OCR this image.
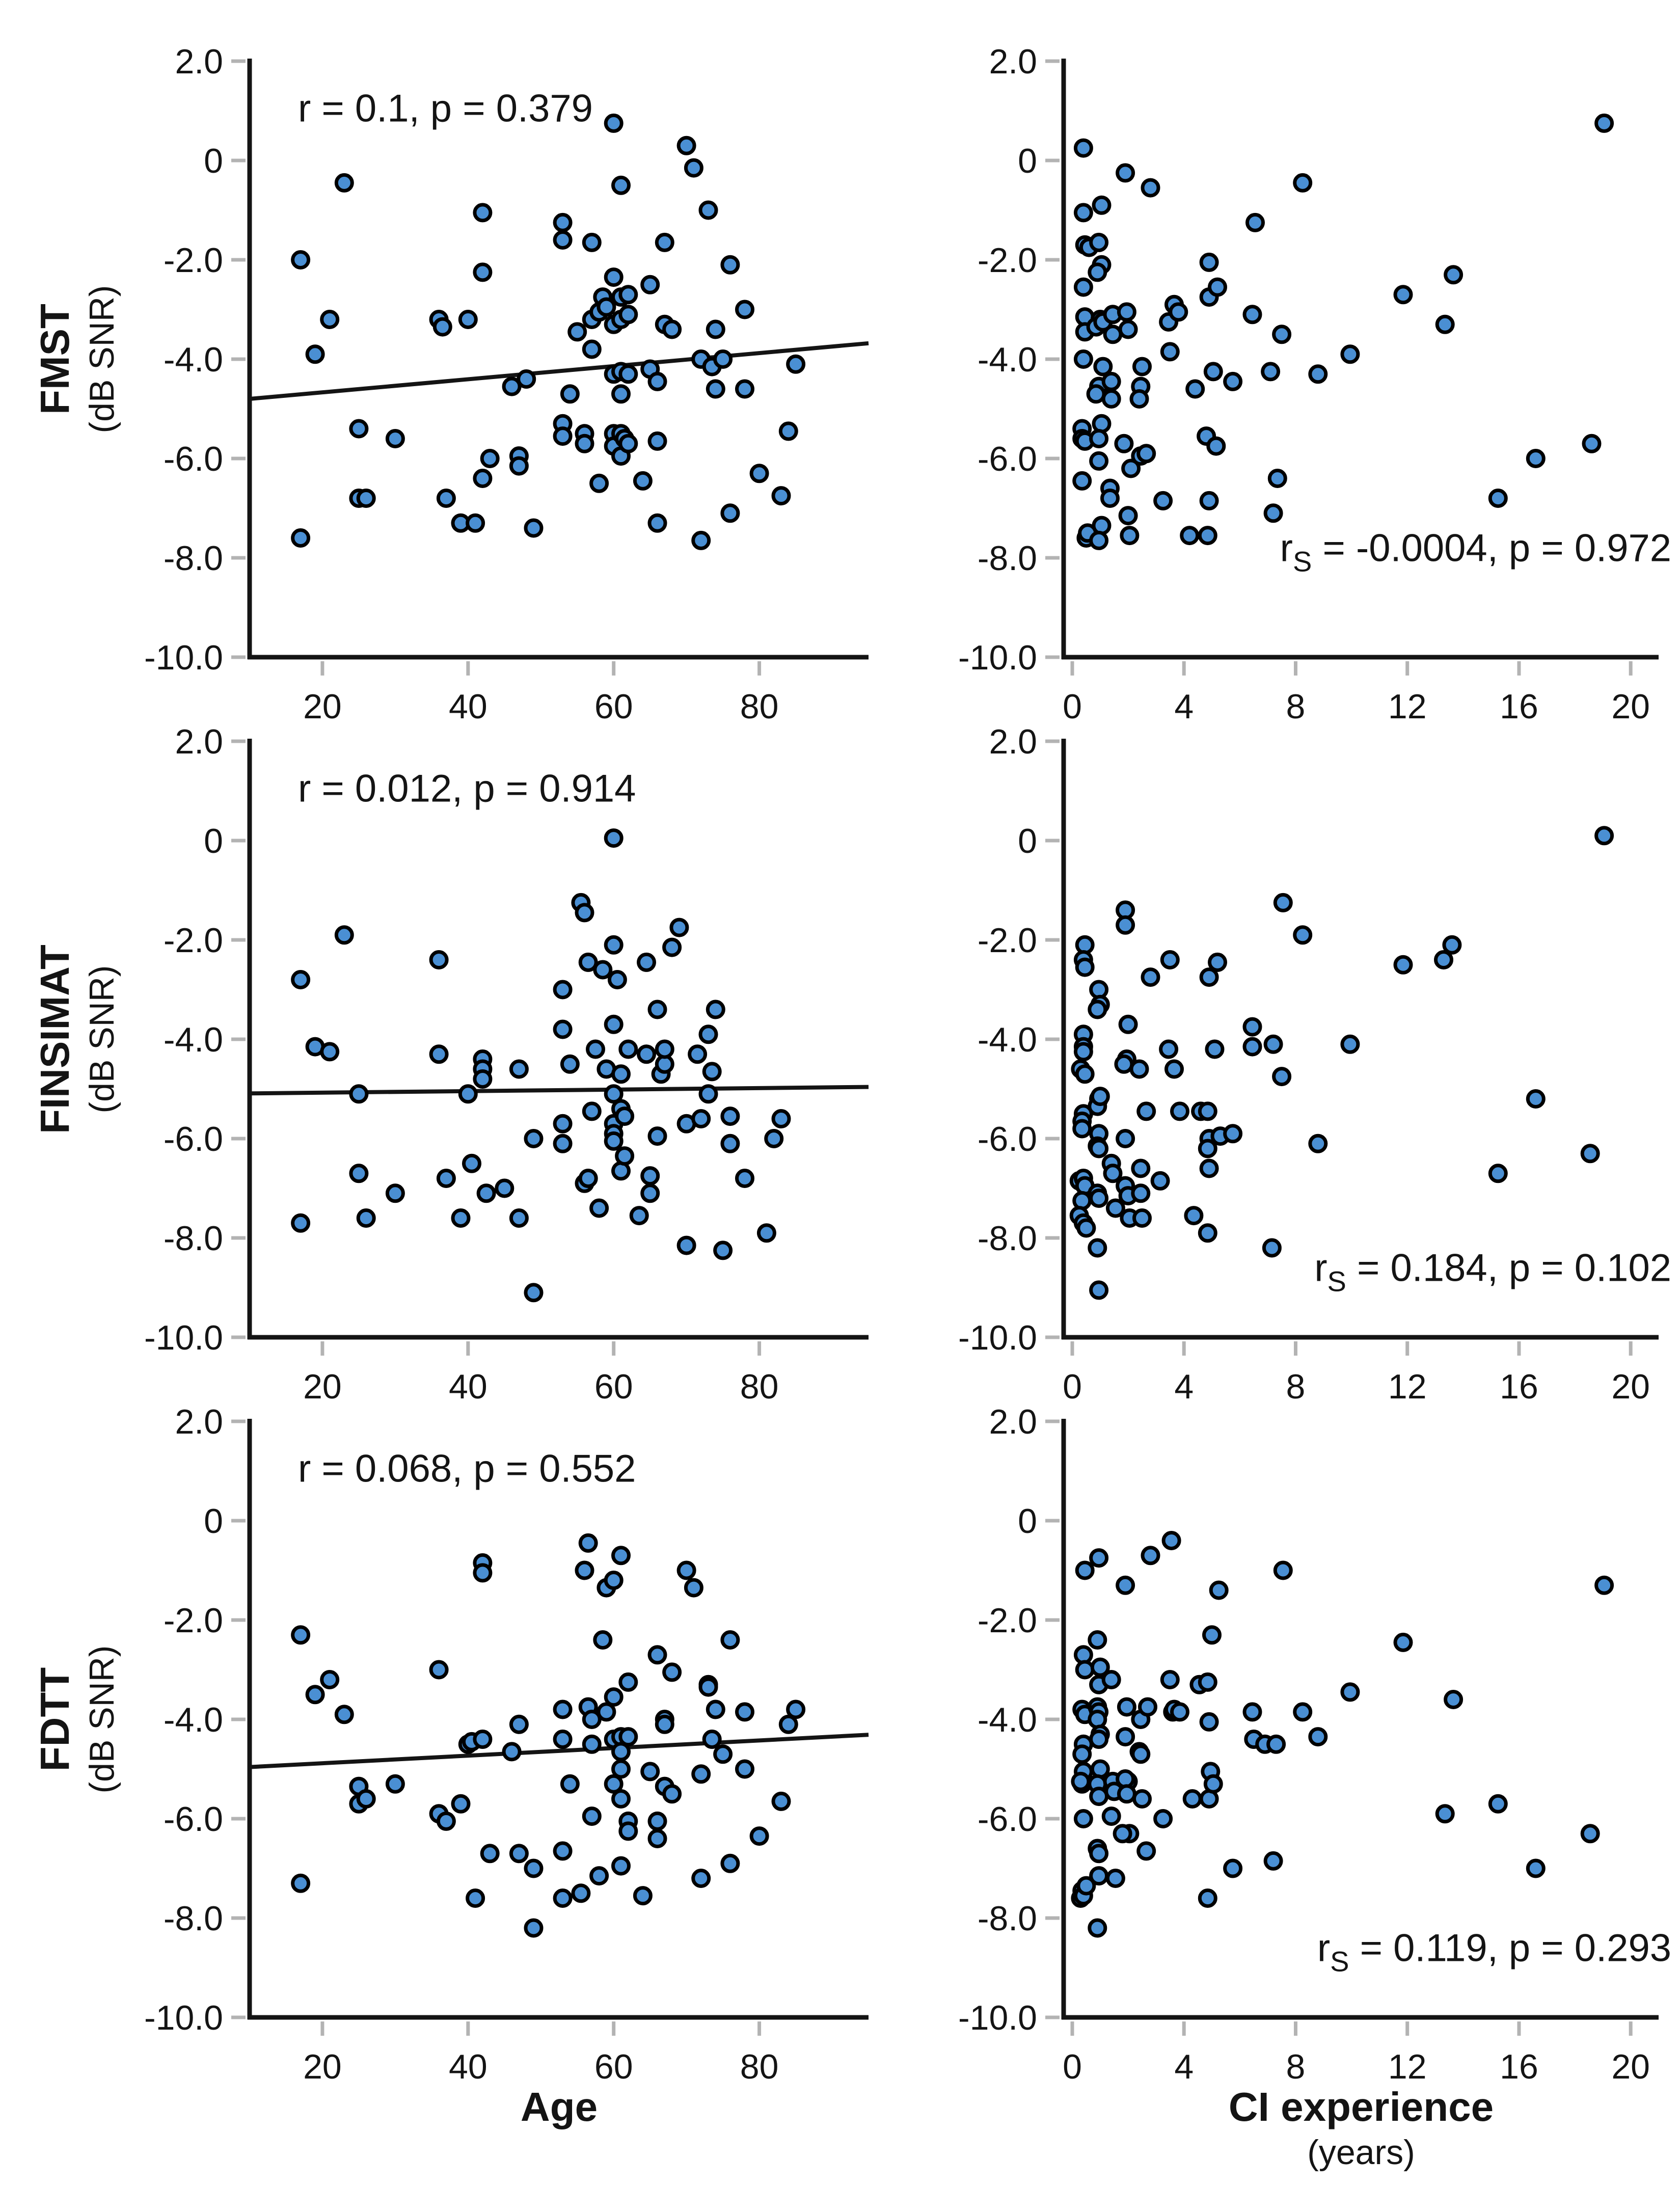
2.0
0
-2.0
-4.0
-6.0
-8.0
-10.0
20	40	60	80
r = 0.1, p = 0.379
2.0
0
-2.0
-4.0
-6.0
-8.0
-10.0
0	4	8 12 16 20
$r_S = -0.0004$, p = 0.972
2.0
0
-2.0
-4.0
-6.0
-8.0
-10.0
20	40	60	80
r = 0.012, p = 0.914
2.0
0
-2.0
-4.0
-6.0
-8.0
-10.0
0	4	8 12 16 20
$r_S = 0.184$, p = 0.102
2.0
0
-2.0
-4.0
-6.0
-8.0
-10.0
20	40	60	80
r = 0.068, p = 0.552
2.0
0
-2.0
-4.0
-6.0
-8.0
-10.0
0	4	8 12 16 20
$r_S = 0.119$, p = 0.293
FMST (dB SNR)
FINSIMAT (dB SNR)
FDTT (dB SNR)
Age	CI experience
(years)
